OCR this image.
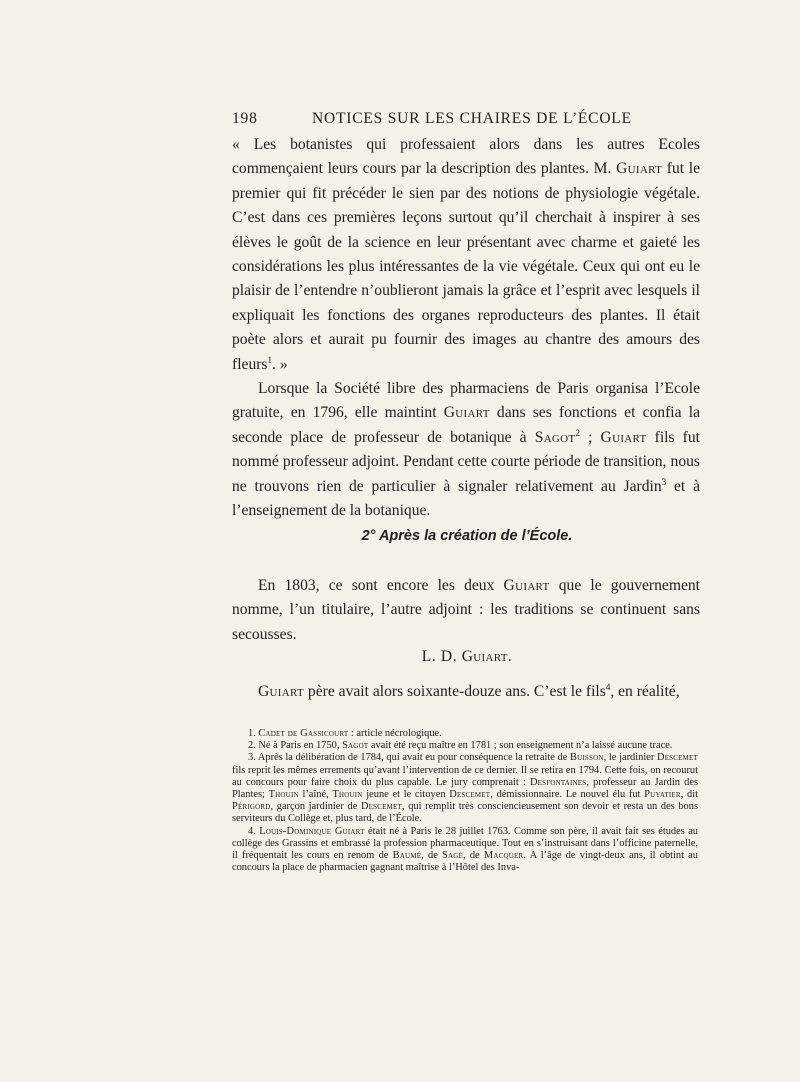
198	NOTICES SUR LES CHAIRES DE L’ÉCOLE

« Les botanistes qui professaient alors dans les autres Ecoles commençaient leurs cours par la description des plantes. M. Guiart fut le premier qui fit précéder le sien par des notions de physiologie végétale. C’est dans ces premières leçons surtout qu’il cherchait à inspirer à ses élèves le goût de la science en leur présentant avec charme et gaieté les considérations les plus intéressantes de la vie végétale. Ceux qui ont eu le plaisir de l’entendre n’oublieront jamais la grâce et l’esprit avec lesquels il expliquait les fonctions des organes reproducteurs des plantes. Il était poète alors et aurait pu fournir des images au chantre des amours des fleurs$^1$. »

Lorsque la Société libre des pharmaciens de Paris organisa l’Ecole gratuite, en 1796, elle maintint Guiart dans ses fonctions et confia la seconde place de professeur de botanique à Sagot$^2$ ; Guiart fils fut nommé professeur adjoint. Pendant cette courte période de transition, nous ne trouvons rien de particulier à signaler relativement au Jardin$^3$ et à l’enseignement de la botanique.

2° Après la création de l’École.

En 1803, ce sont encore les deux Guiart que le gouvernement nomme, l’un titulaire, l’autre adjoint : les traditions se continuent sans secousses.

L. D. Guiart.

Guiart père avait alors soixante-douze ans. C’est le fils$^4$, en réalité,

1. Cadet de Gassicourt : article nécrologique.

2. Né à Paris en 1750, Sagot avait été reçu maître en 1781 ; son enseignement n’a laissé aucune trace.

3. Après la délibération de 1784, qui avait eu pour conséquence la retraite de Buisson, le jardinier Descemet fils reprit les mêmes errements qu’avant l’intervention de ce dernier. Il se retira en 1794. Cette fois, on recourut au concours pour faire choix du plus capable. Le jury comprenait : Desfontaines, professeur au Jardin des Plantes; Thouin l’aîné, Thouin jeune et le citoyen Descemet, démissionnaire. Le nouvel élu fut Puyatier, dit Périgord, garçon jardinier de Descemet, qui remplit très consciencieusement son devoir et resta un des bons serviteurs du Collège et, plus tard, de l’École.

4. Louis-Dominique Guiart était né à Paris le 28 juillet 1763. Comme son père, il avait fait ses études au collège des Grassins et embrassé la profession pharmaceutique. Tout en s’instruisant dans l’officine paternelle, il fréquentait les cours en renom de Baumé, de Sage, de Macquer. A l’âge de vingt-deux ans, il obtint au concours la place de pharmacien gagnant maîtrise à l’Hôtel des Inva-
